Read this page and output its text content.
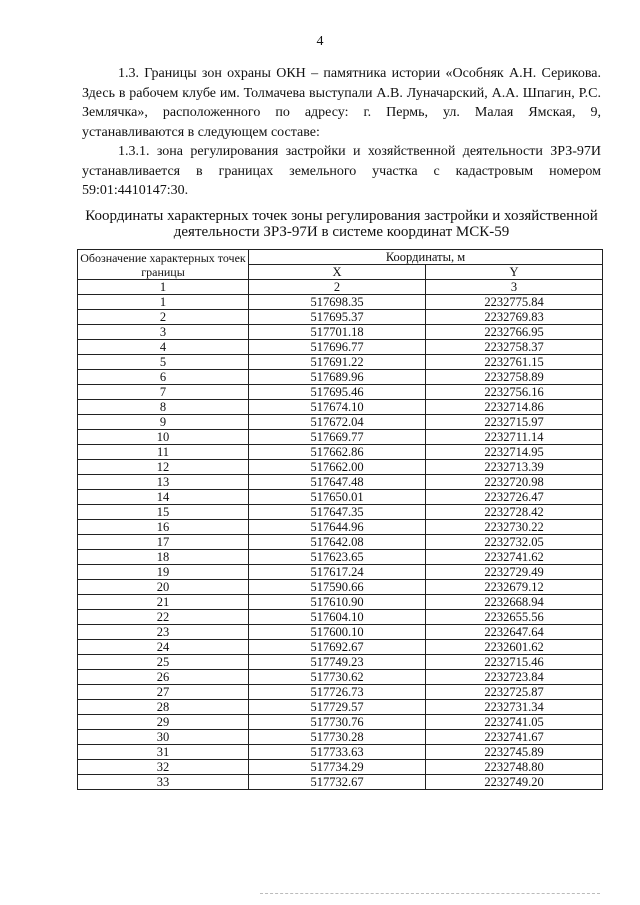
4

1.3. Границы зон охраны ОКН – памятника истории «Особняк А.Н. Серикова. Здесь в рабочем клубе им. Толмачева выступали А.В. Луначарский, А.А. Шпагин, Р.С. Землячка», расположенного по адресу: г. Пермь, ул. Малая Ямская, 9, устанавливаются в следующем составе:

1.3.1. зона регулирования застройки и хозяйственной деятельности ЗРЗ-97И устанавливается в границах земельного участка с кадастровым номером 59:01:4410147:30.

Координаты характерных точек зоны регулирования застройки и хозяйственной деятельности ЗРЗ-97И в системе координат МСК-59
Обозначение характерных точек границы	Координаты, м	
	X	Y
1	2	3
1	517698.35	2232775.84
2	517695.37	2232769.83
3	517701.18	2232766.95
4	517696.77	2232758.37
5	517691.22	2232761.15
6	517689.96	2232758.89
7	517695.46	2232756.16
8	517674.10	2232714.86
9	517672.04	2232715.97
10	517669.77	2232711.14
11	517662.86	2232714.95
12	517662.00	2232713.39
13	517647.48	2232720.98
14	517650.01	2232726.47
15	517647.35	2232728.42
16	517644.96	2232730.22
17	517642.08	2232732.05
18	517623.65	2232741.62
19	517617.24	2232729.49
20	517590.66	2232679.12
21	517610.90	2232668.94
22	517604.10	2232655.56
23	517600.10	2232647.64
24	517692.67	2232601.62
25	517749.23	2232715.46
26	517730.62	2232723.84
27	517726.73	2232725.87
28	517729.57	2232731.34
29	517730.76	2232741.05
30	517730.28	2232741.67
31	517733.63	2232745.89
32	517734.29	2232748.80
33	517732.67	2232749.20
